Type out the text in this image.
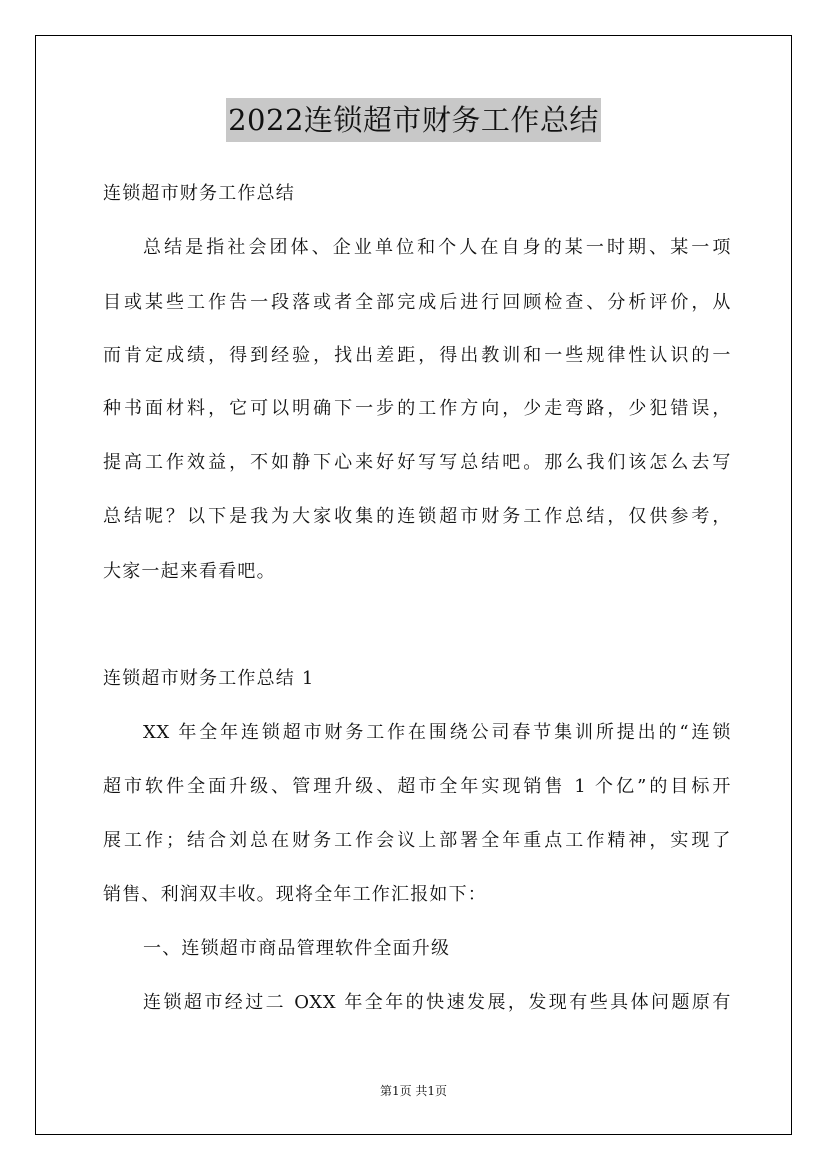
2022连锁超市财务工作总结
连锁超市财务工作总结
总结是指社会团体、企业单位和个人在自身的某一时期、某一项
目或某些工作告一段落或者全部完成后进行回顾检查、分析评价，从
而肯定成绩，得到经验，找出差距，得出教训和一些规律性认识的一
种书面材料，它可以明确下一步的工作方向，少走弯路，少犯错误，
提高工作效益，不如静下心来好好写写总结吧。那么我们该怎么去写
总结呢？以下是我为大家收集的连锁超市财务工作总结，仅供参考，
大家一起来看看吧。
连锁超市财务工作总结 1
XX 年全年连锁超市财务工作在围绕公司春节集训所提出的“连锁
超市软件全面升级、管理升级、超市全年实现销售 1 个亿”的目标开
展工作；结合刘总在财务工作会议上部署全年重点工作精神，实现了
销售、利润双丰收。现将全年工作汇报如下：
一、连锁超市商品管理软件全面升级
连锁超市经过二 OXX 年全年的快速发展，发现有些具体问题原有
第1页 共1页
